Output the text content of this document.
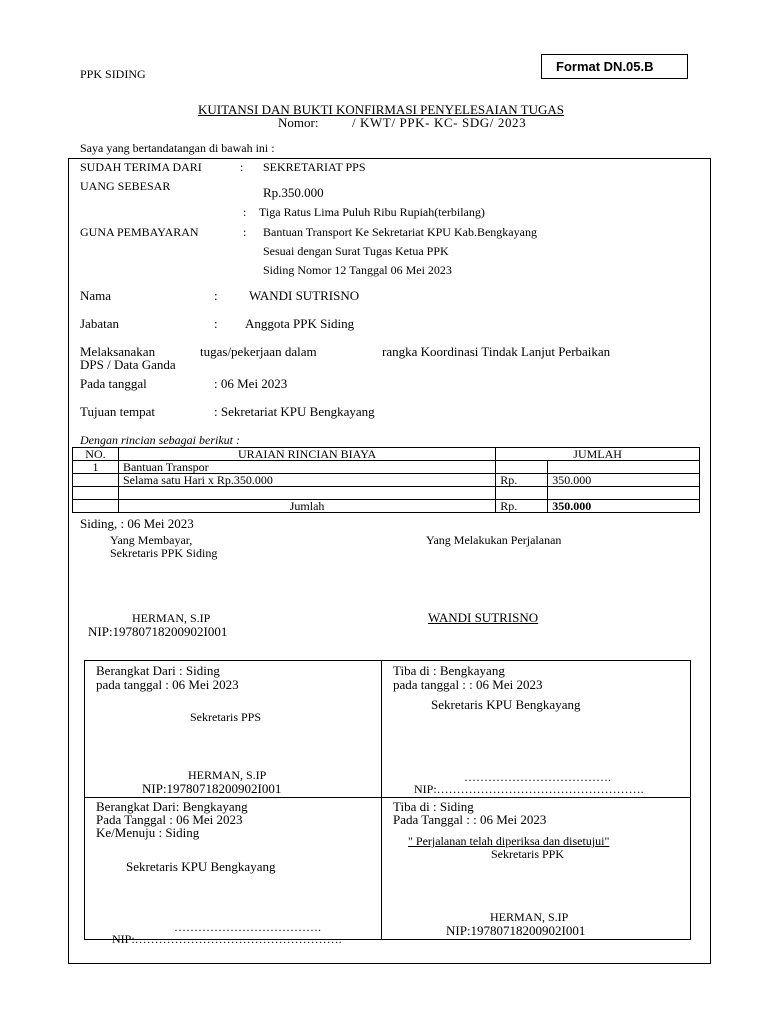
PPK SIDING	Format DN.05.B
KUITANSI DAN BUKTI KONFIRMASI PENYELESAIAN TUGAS
Nomor:	/ KWT/ PPK- KC- SDG/ 2023
Saya yang bertandatangan di bawah ini :
SUDAH TERIMA DARI	: SEKRETARIAT PPS
UANG SEBESAR	Rp.350.000
: Tiga Ratus Lima Puluh Ribu Rupiah(terbilang)
GUNA PEMBAYARAN	: Bantuan Transport Ke Sekretariat KPU Kab.Bengkayang
Sesuai dengan Surat Tugas Ketua PPK
Siding Nomor 12 Tanggal 06 Mei 2023
Nama	: WANDI SUTRISNO
Jabatan	: Anggota PPK Siding
Melaksanakan	tugas/pekerjaan dalam	rangka Koordinasi Tindak Lanjut Perbaikan
DPS / Data Ganda
Pada tanggal	: 06 Mei 2023
Tujuan tempat	: Sekretariat KPU Bengkayang
Dengan rincian sebagai berikut :
NO.	URAIAN RINCIAN BIAYA	JUMLAH	
1	Bantuan Transpor		
	Selama satu Hari x Rp.350.000	Rp.	350.000

	Jumlah	Rp.	350.000
Siding, : 06 Mei 2023
Yang Membayar,
Sekretaris PPK Siding
Yang Melakukan Perjalanan
HERMAN, S.IP
NIP:19780718200902I001
WANDI SUTRISNO
Berangkat Dari : Siding
pada tanggal : 06 Mei 2023
Sekretaris PPS
HERMAN, S.IP
NIP:19780718200902I001
Tiba di : Bengkayang
pada tanggal : : 06 Mei 2023
Sekretaris KPU Bengkayang
……………………………….
NIP:…………………………………………….
Berangkat Dari: Bengkayang
Pada Tanggal : 06 Mei 2023
Ke/Menuju : Siding
Sekretaris KPU Bengkayang
……………………………….
NIP:…………………………………………….
Tiba di : Siding
Pada Tanggal : : 06 Mei 2023
" Perjalanan telah diperiksa dan disetujui"
Sekretaris PPK
HERMAN, S.IP
NIP:19780718200902I001
